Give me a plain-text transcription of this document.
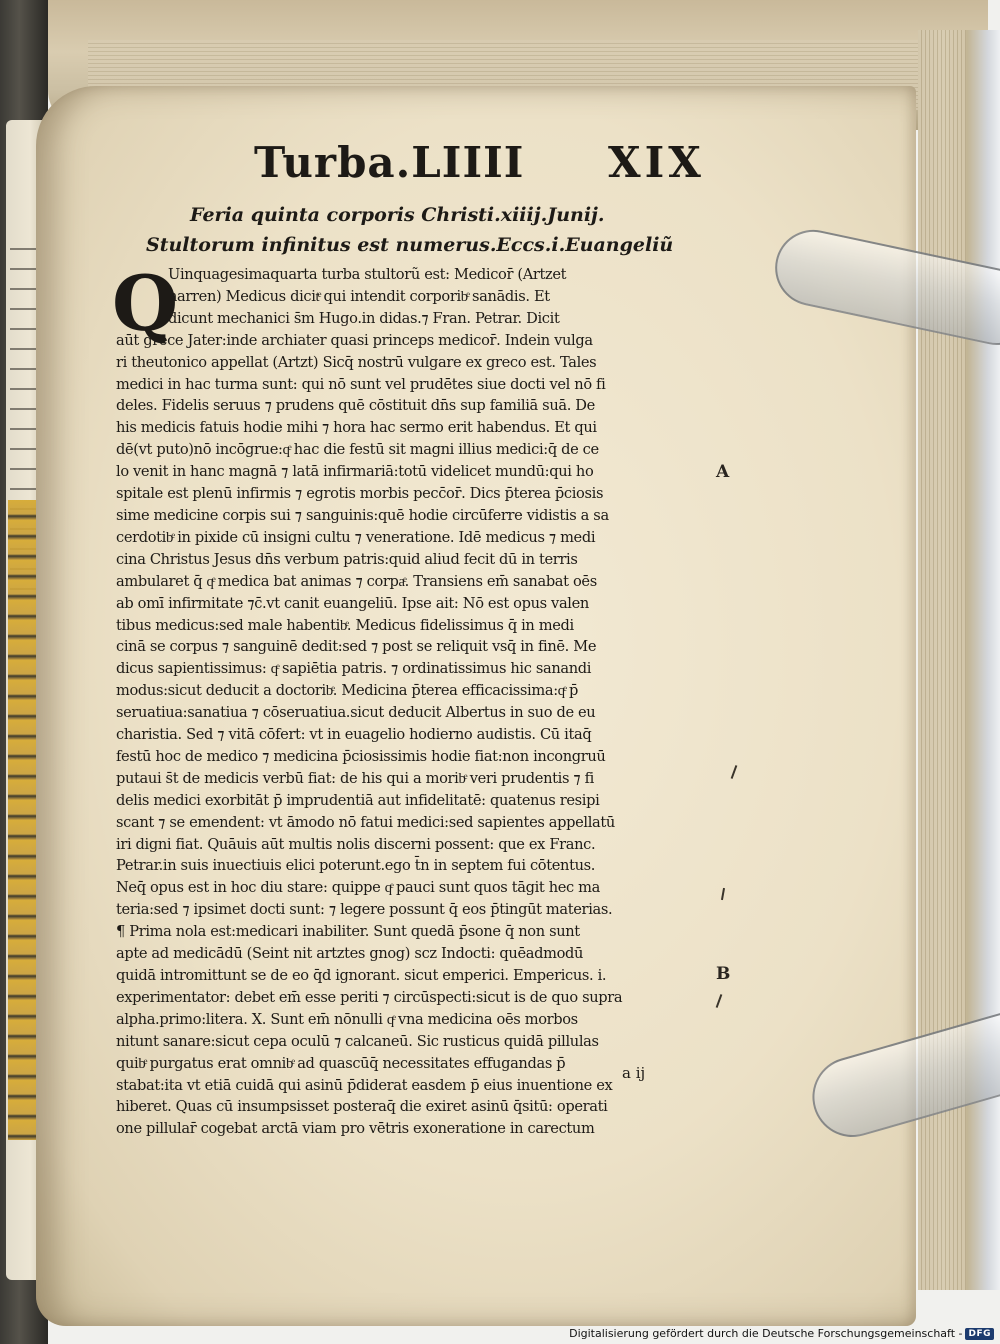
Turba.LIIII XIX
Feria quinta corporis Christi.xiiij.Junij.
Stultorum infinitus est numerus.Eccs.i.Euangeliũ
Q
Uinquagesimaquarta turba stultorũ est: Medicor̄ (Artzet
narren) Medicus dicitͤ qui intendit corporibͤ sanādis. Et
dicunt mechanici s̄m Hugo.in didas.⁊ Fran. Petrar. Dicit
aūt grece Jater:inde archiater quasi princeps medicor̄. Indein vulga
ri theutonico appellat (Artzt) Sicq̄ nostrū vulgare ex greco est. Tales
medici in hac turma sunt: qui nō sunt vel prudētes siue docti vel nō fi
deles. Fidelis seruus ⁊ prudens quē cōstituit dn̄s sup familiā suā. De
his medicis fatuis hodie mihi ⁊ hora hac sermo erit habendus. Et qui
dē(vt puto)nō incōgrue:qͤ hac die festū sit magni illius medici:q̄ de ce
lo venit in hanc magnā ⁊ latā infirmariā:totū videlicet mundū:qui ho
spitale est plenū infirmis ⁊ egrotis morbis pecc̄or̄. Dics p̄terea p̄ciosis
sime medicine corpis sui ⁊ sanguinis:quē hodie circūferre vidistis a sa
cerdotibͤ in pixide cū insigni cultu ⁊ veneratione. Idē medicus ⁊ medi
cina Christus Jesus dn̄s verbum patris:quid aliud fecit dū in terris
ambularet q̄ qͤ medica bat animas ⁊ corpaͤ. Transiens em̄ sanabat oēs
ab omī infirmitate ⁊c̄.vt canit euangeliū. Ipse ait: Nō est opus valen
tibus medicus:sed male habentibͤ. Medicus fidelissimus q̄ in medi
cinā se corpus ⁊ sanguinē dedit:sed ⁊ post se reliquit vsq̄ in finē. Me
dicus sapientissimus: qͤ sapiētia patris. ⁊ ordinatissimus hic sanandi
modus:sicut deducit a doctoribͤ. Medicina p̄terea efficacissima:qͤ p̄
seruatiua:sanatiua ⁊ cōseruatiua.sicut deducit Albertus in suo de eu
charistia. Sed ⁊ vitā cōfert: vt in euagelio hodierno audistis. Cū itaq̄
festū hoc de medico ⁊ medicina p̄ciosissimis hodie fiat:non incongruū
putaui s̄t de medicis verbū fiat: de his qui a moribͤ veri prudentis ⁊ fi
delis medici exorbitāt p̄ imprudentiā aut infidelitatē: quatenus resipi
scant ⁊ se emendent: vt āmodo nō fatui medici:sed sapientes appellatū
iri digni fiat. Quāuis aūt multis nolis discerni possent: que ex Franc.
Petrar.in suis inuectiuis elici poterunt.ego t̄n in septem fui cōtentus.
Neq̄ opus est in hoc diu stare: quippe qͤ pauci sunt quos tāgit hec ma
teria:sed ⁊ ipsimet docti sunt: ⁊ legere possunt q̄ eos p̄tingūt materias.
¶ Prima nola est:medicari inabiliter. Sunt quedā p̄sone q̄ non sunt
apte ad medicādū (Seint nit artztes gnog) scz Indocti: quēadmodū
quidā intromittunt se de eo q̄d ignorant. sicut emperici. Empericus. i.
experimentator: debet em̄ esse periti ⁊ circūspecti:sicut is de quo supra
alpha.primo:litera. X. Sunt em̄ nōnulli qͤ vna medicina oēs morbos
nitunt sanare:sicut cepa oculū ⁊ calcaneū. Sic rusticus quidā pillulas
quibͤ purgatus erat omnibͤ ad quascūq̄ necessitates effugandas p̄
stabat:ita vt etiā cuidā qui asinū p̄diderat easdem p̄ eius inuentione ex
hiberet. Quas cū insumpsisset posteraq̄ die exiret asinū q̄sitū: operati
one pillular̄ cogebat arctā viam pro vētris exoneratione in carectum
A
B
a ij
Digitalisierung gefördert durch die Deutsche Forschungsgemeinschaft - DFG
